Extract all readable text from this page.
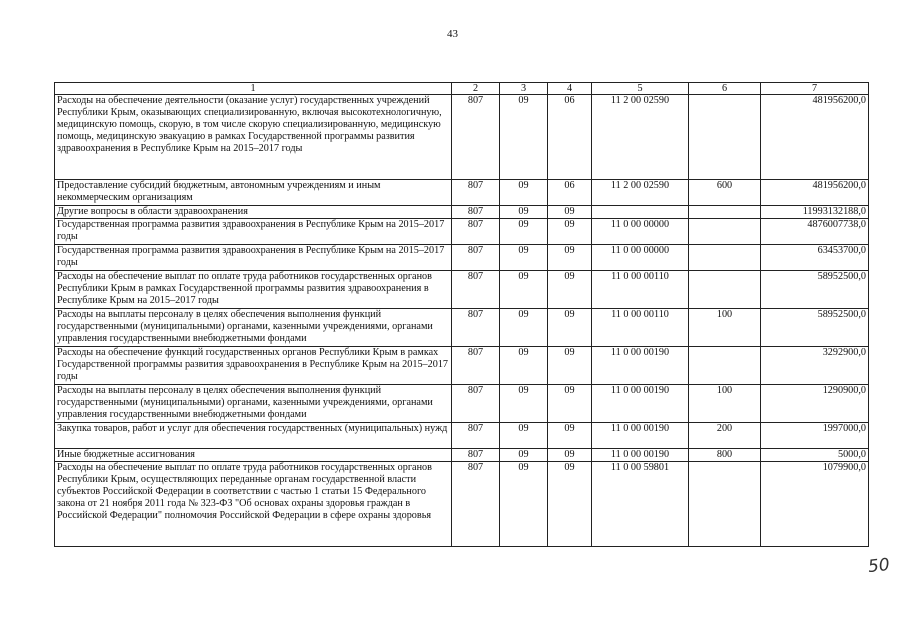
43
1	2	3	4	5	6	7
Расходы на обеспечение деятельности (оказание услуг) государственных учреждений Республики Крым, оказывающих специализированную, включая высокотехнологичную, медицинскую помощь, скорую, в том числе скорую специализированную, медицинскую помощь, медицинскую эвакуацию в рамках Государственной программы развития здравоохранения в Республике Крым на 2015–2017 годы	807	09	06	11 2 00 02590		481956200,0
Предоставление субсидий бюджетным, автономным учреждениям и иным некоммерческим организациям	807	09	06	11 2 00 02590	600	481956200,0
Другие вопросы в области здравоохранения	807	09	09			11993132188,0
Государственная программа развития здравоохранения в Республике Крым на 2015–2017 годы	807	09	09	11 0 00 00000		4876007738,0
Государственная программа развития здравоохранения в Республике Крым на 2015–2017 годы	807	09	09	11 0 00 00000		63453700,0
Расходы на обеспечение выплат по оплате труда работников государственных органов Республики Крым в рамках Государственной программы развития здравоохранения в Республике Крым на 2015–2017 годы	807	09	09	11 0 00 00110		58952500,0
Расходы на выплаты персоналу в целях обеспечения выполнения функций государственными (муниципальными) органами, казенными учреждениями, органами управления государственными внебюджетными фондами	807	09	09	11 0 00 00110	100	58952500,0
Расходы на обеспечение функций государственных органов Республики Крым в рамках Государственной программы развития здравоохранения в Республике Крым на 2015–2017 годы	807	09	09	11 0 00 00190		3292900,0
Расходы на выплаты персоналу в целях обеспечения выполнения функций государственными (муниципальными) органами, казенными учреждениями, органами управления государственными внебюджетными фондами	807	09	09	11 0 00 00190	100	1290900,0
Закупка товаров, работ и услуг для обеспечения государственных (муниципальных) нужд	807	09	09	11 0 00 00190	200	1997000,0
Иные бюджетные ассигнования	807	09	09	11 0 00 00190	800	5000,0
Расходы на обеспечение выплат по оплате труда работников государственных органов Республики Крым, осуществляющих переданные органам государственной власти субъектов Российской Федерации в соответствии с частью 1 статьи 15 Федерального закона от 21 ноября 2011 года № 323-ФЗ "Об основах охраны здоровья граждан в Российской Федерации" полномочия Российской Федерации в сфере охраны здоровья	807	09	09	11 0 00 59801		1079900,0
50
